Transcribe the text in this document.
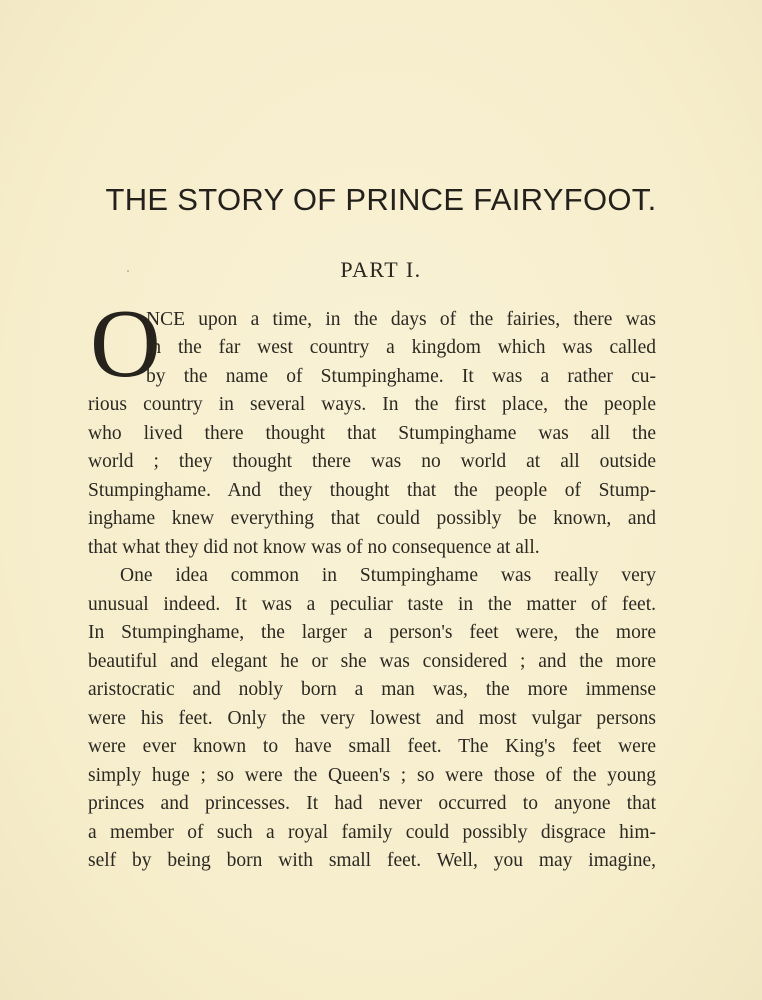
THE STORY OF PRINCE FAIRYFOOT.
PART I.
O
NCE upon a time, in the days of the fairies, there was
in the far west country a kingdom which was called
by the name of Stumpinghame. It was a rather cu-
rious country in several ways. In the first place, the people
who lived there thought that Stumpinghame was all the
world ; they thought there was no world at all outside
Stumpinghame. And they thought that the people of Stump-
inghame knew everything that could possibly be known, and
that what they did not know was of no consequence at all.
One idea common in Stumpinghame was really very
unusual indeed. It was a peculiar taste in the matter of feet.
In Stumpinghame, the larger a person's feet were, the more
beautiful and elegant he or she was considered ; and the more
aristocratic and nobly born a man was, the more immense
were his feet. Only the very lowest and most vulgar persons
were ever known to have small feet. The King's feet were
simply huge ; so were the Queen's ; so were those of the young
princes and princesses. It had never occurred to anyone that
a member of such a royal family could possibly disgrace him-
self by being born with small feet. Well, you may imagine,
